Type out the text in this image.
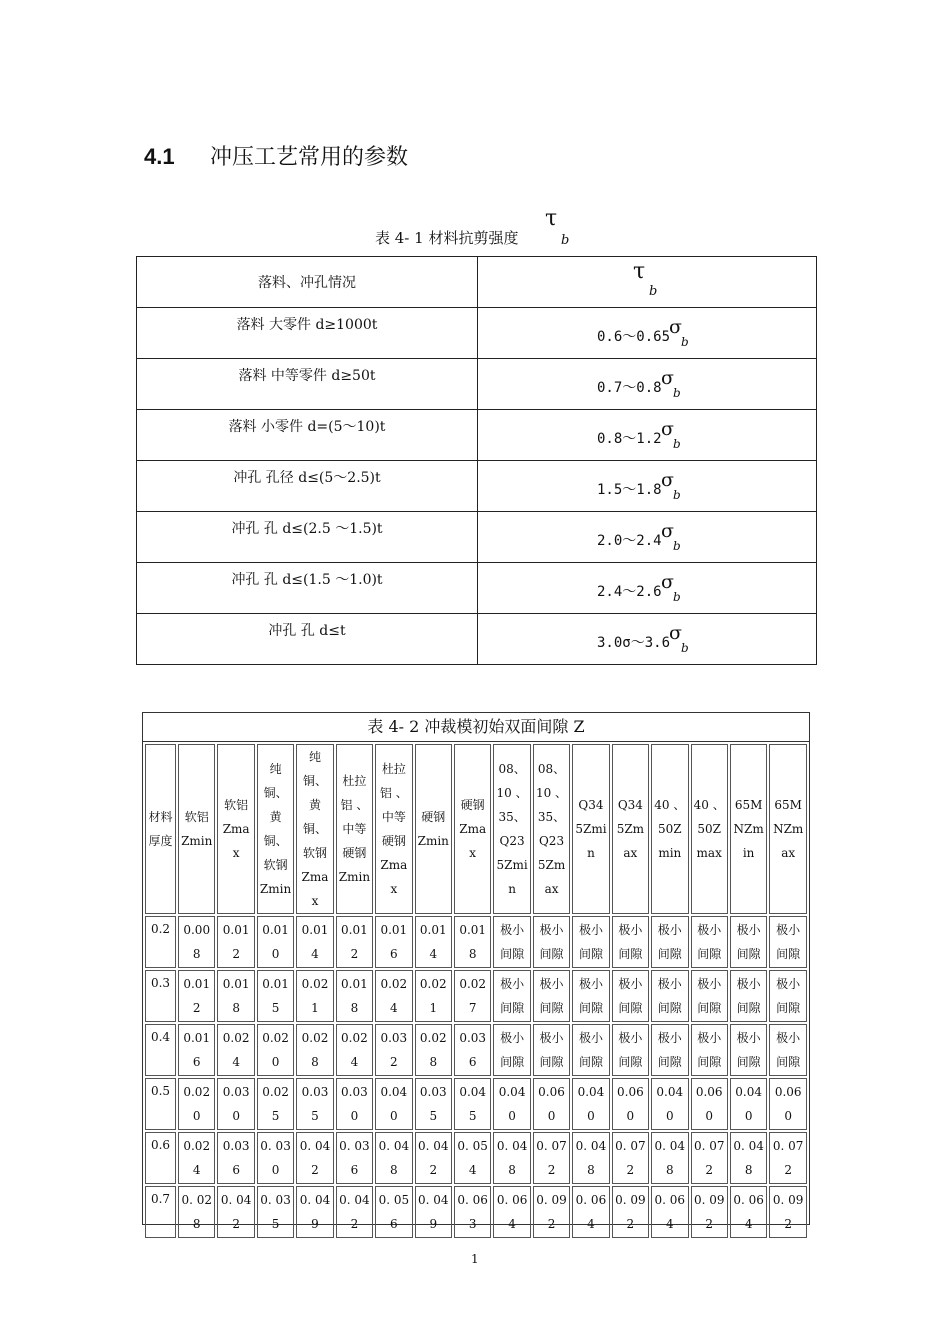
4.1 冲压工艺常用的参数
表 4- 1 材料抗剪强度
τ
b
落料、冲孔情况	τ
b

落料 大零件 d≥1000t	0.6～0.65
σ
b

落料 中等零件 d≥50t	0.7～0.8 σ
b

落料 小零件 d=(5～10)t	0.8～1.2 σ
b

冲孔 孔径 d≤(5～2.5)t	1.5～1.8 σ
b

冲孔 孔 d≤(2.5 ～1.5)t	2.0～2.4 σ
b

冲孔 孔 d≤(1.5 ～1.0)t	2.4～2.6 σ
b

冲孔 孔 d≤t	3.0σ～3.6
σ
b
表 4- 2 冲裁模初始双面间隙 Z
材料厚度	软铝Zmin	软铝Zmax	纯铜、黄铜、软钢Zmin	纯铜、黄铜、软钢Zmax	杜拉铝 、中等硬钢Zmin	杜拉铝 、中等硬钢Zmax	硬钢Zmin	硬钢Zmax	08、10 、35、Q235Zmin	08、10 、35、Q235Zmax	Q345Zmin	Q345Zmax	40 、50Zmin	40 、50Zmax	65MNZmin	65MNZmax
0.2	0.008	0.012	0.010	0.014	0.012	0.016	0.014	0.018	极小间隙	极小间隙	极小间隙	极小间隙	极小间隙	极小间隙	极小间隙	极小间隙
0.3	0.012	0.018	0.015	0.021	0.018	0.024	0.021	0.027	极小间隙	极小间隙	极小间隙	极小间隙	极小间隙	极小间隙	极小间隙	极小间隙
0.4	0.016	0.024	0.020	0.028	0.024	0.032	0.028	0.036	极小间隙	极小间隙	极小间隙	极小间隙	极小间隙	极小间隙	极小间隙	极小间隙
0.5	0.020	0.030	0.025	0.035	0.030	0.040	0.035	0.045	0.040	0.060	0.040	0.060	0.040	0.060	0.040	0.060
0.6	0.024	0.036	0. 030	0. 042	0. 036	0. 048	0. 042	0. 054	0. 048	0. 072	0. 048	0. 072	0. 048	0. 072	0. 048	0. 072
0.7	0. 028	0. 042	0. 035	0. 049	0. 042	0. 056	0. 049	0. 063	0. 064	0. 092	0. 064	0. 092	0. 064	0. 092	0. 064	0. 092
1
